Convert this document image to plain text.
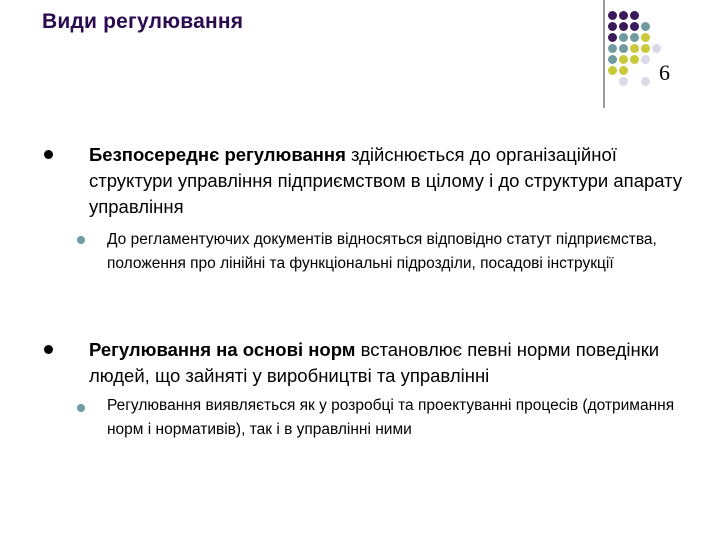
Види регулювання
6
Безпосереднє регулювання здійснюється до організаційної структури управління підприємством в цілому і до структури апарату управління
До регламентуючих документів відносяться відповідно статут підприємства, положення про лінійні та функціональні підрозділи, посадові інструкції
Регулювання на основі норм встановлює певні норми поведінки людей, що зайняті у виробництві та управлінні
Регулювання виявляється як у розробці та проектуванні процесів (дотримання норм і нормативів), так і в управлінні ними
